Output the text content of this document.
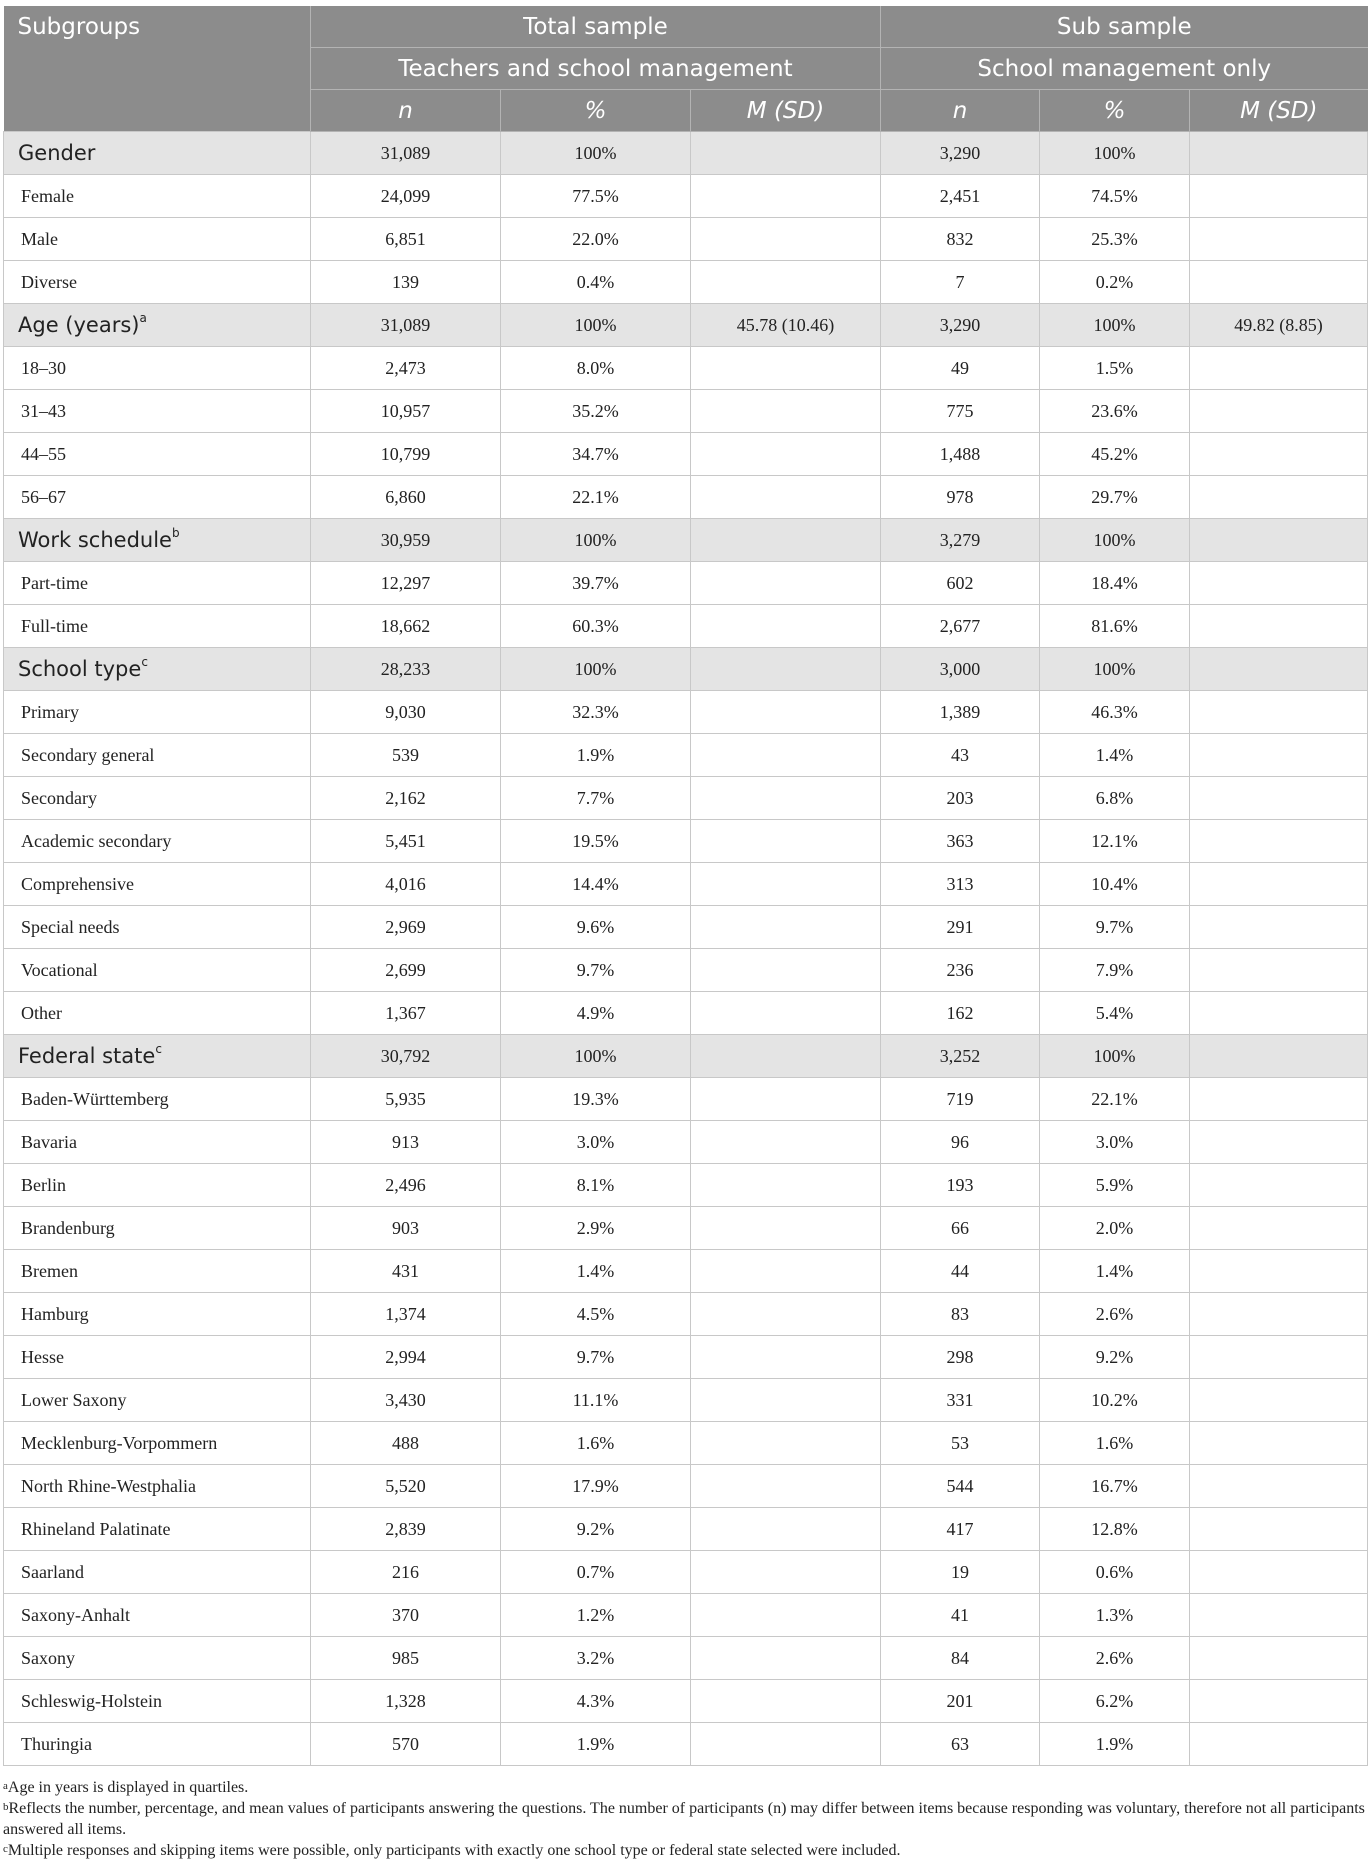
Subgroups	Total sample			Sub sample		
	Teachers and school management			School management only		
	n	%	M (SD)	n	%	M (SD)
Gender	31,089	100%		3,290	100%	
Female	24,099	77.5%		2,451	74.5%	
Male	6,851	22.0%		832	25.3%	
Diverse	139	0.4%		7	0.2%	
Age (years)$^a$	31,089	100%	45.78 (10.46)	3,290	100%	49.82 (8.85)
18–30	2,473	8.0%		49	1.5%	
31–43	10,957	35.2%		775	23.6%	
44–55	10,799	34.7%		1,488	45.2%	
56–67	6,860	22.1%		978	29.7%	
Work schedule$^b$	30,959	100%		3,279	100%	
Part-time	12,297	39.7%		602	18.4%	
Full-time	18,662	60.3%		2,677	81.6%	
School type$^c$	28,233	100%		3,000	100%	
Primary	9,030	32.3%		1,389	46.3%	
Secondary general	539	1.9%		43	1.4%	
Secondary	2,162	7.7%		203	6.8%	
Academic secondary	5,451	19.5%		363	12.1%	
Comprehensive	4,016	14.4%		313	10.4%	
Special needs	2,969	9.6%		291	9.7%	
Vocational	2,699	9.7%		236	7.9%	
Other	1,367	4.9%		162	5.4%	
Federal state$^c$	30,792	100%		3,252	100%	
Baden-Württemberg	5,935	19.3%		719	22.1%	
Bavaria	913	3.0%		96	3.0%	
Berlin	2,496	8.1%		193	5.9%	
Brandenburg	903	2.9%		66	2.0%	
Bremen	431	1.4%		44	1.4%	
Hamburg	1,374	4.5%		83	2.6%	
Hesse	2,994	9.7%		298	9.2%	
Lower Saxony	3,430	11.1%		331	10.2%	
Mecklenburg-Vorpommern	488	1.6%		53	1.6%	
North Rhine-Westphalia	5,520	17.9%		544	16.7%	
Rhineland Palatinate	2,839	9.2%		417	12.8%	
Saarland	216	0.7%		19	0.6%	
Saxony-Anhalt	370	1.2%		41	1.3%	
Saxony	985	3.2%		84	2.6%	
Schleswig-Holstein	1,328	4.3%		201	6.2%	
Thuringia	570	1.9%		63	1.9%	

$^a$Age in years is displayed in quartiles.

$^b$Reflects the number, percentage, and mean values of participants answering the questions. The number of participants (n) may differ between items because responding was voluntary, therefore not all participants answered all items.

$^c$Multiple responses and skipping items were possible, only participants with exactly one school type or federal state selected were included.
